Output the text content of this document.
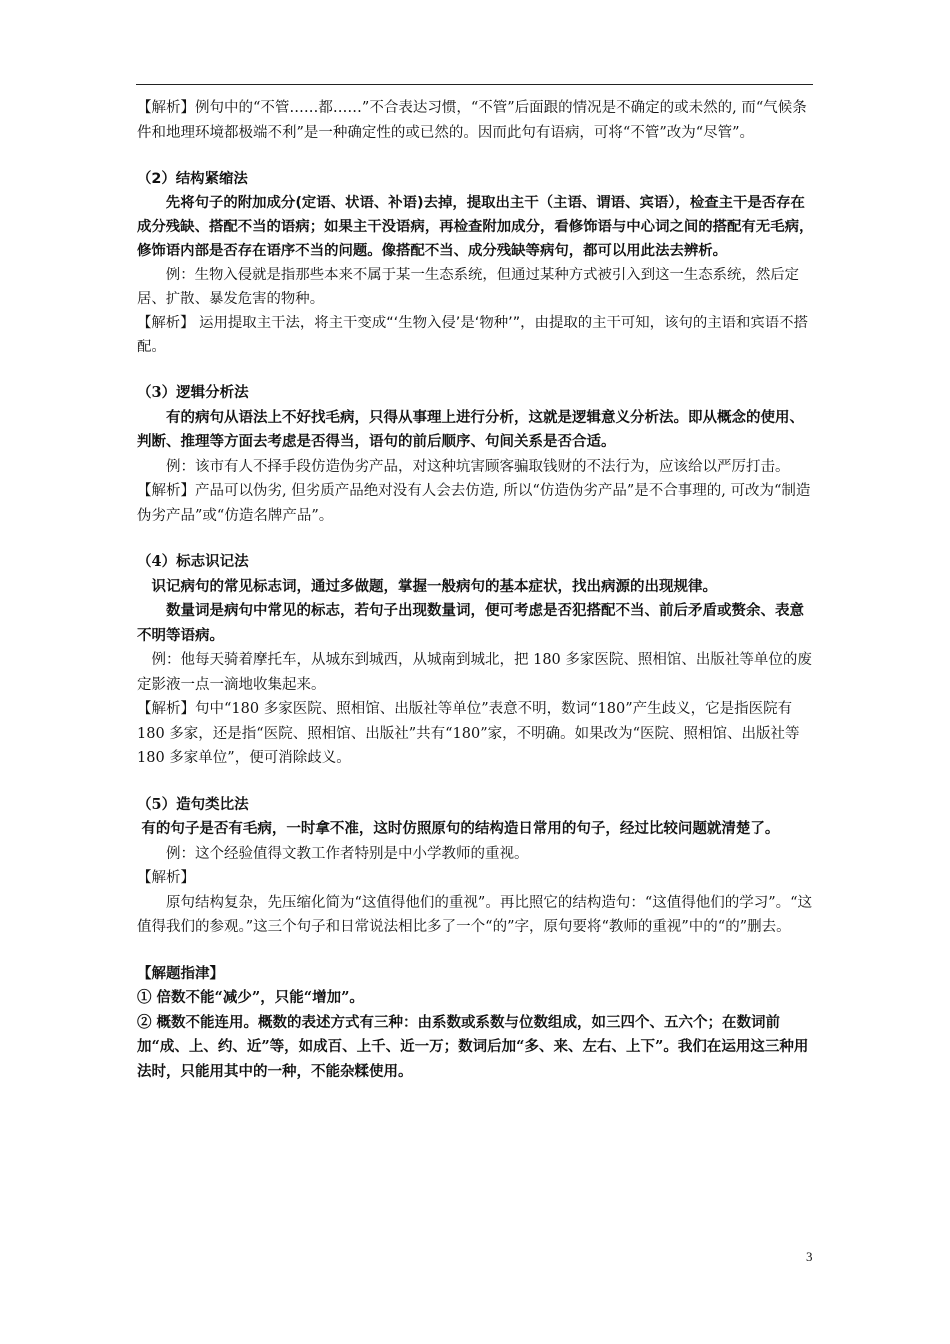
【解析】例句中的“不管……都……”不合表达习惯，“不管”后面跟的情况是不确定的或未然的, 而“气候条件和地理环境都极端不利”是一种确定性的或已然的。因而此句有语病，可将“不管”改为“尽管”。

（2）结构紧缩法

先将句子的附加成分(定语、状语、补语)去掉，提取出主干（主语、谓语、宾语），检查主干是否存在成分残缺、搭配不当的语病；如果主干没语病，再检查附加成分，看修饰语与中心词之间的搭配有无毛病，修饰语内部是否存在语序不当的问题。像搭配不当、成分残缺等病句，都可以用此法去辨析。

例：生物入侵就是指那些本来不属于某一生态系统，但通过某种方式被引入到这一生态系统，然后定居、扩散、暴发危害的物种。

【解析】 运用提取主干法，将主干变成“‘生物入侵’是‘物种’”，由提取的主干可知，该句的主语和宾语不搭配。

（3）逻辑分析法

有的病句从语法上不好找毛病，只得从事理上进行分析，这就是逻辑意义分析法。即从概念的使用、判断、推理等方面去考虑是否得当，语句的前后顺序、句间关系是否合适。

例：该市有人不择手段仿造伪劣产品，对这种坑害顾客骗取钱财的不法行为，应该给以严厉打击。

【解析】产品可以伪劣, 但劣质产品绝对没有人会去仿造, 所以“仿造伪劣产品”是不合事理的, 可改为“制造伪劣产品”或“仿造名牌产品”。

（4）标志识记法

识记病句的常见标志词，通过多做题，掌握一般病句的基本症状，找出病源的出现规律。

数量词是病句中常见的标志，若句子出现数量词，便可考虑是否犯搭配不当、前后矛盾或赘余、表意不明等语病。

例：他每天骑着摩托车，从城东到城西，从城南到城北，把 180 多家医院、照相馆、出版社等单位的废定影液一点一滴地收集起来。

【解析】句中“180 多家医院、照相馆、出版社等单位”表意不明，数词“180”产生歧义，它是指医院有 180 多家，还是指“医院、照相馆、出版社”共有“180”家，不明确。如果改为“医院、照相馆、出版社等 180 多家单位”，便可消除歧义。

（5）造句类比法

有的句子是否有毛病，一时拿不准，这时仿照原句的结构造日常用的句子，经过比较问题就清楚了。

例：这个经验值得文教工作者特别是中小学教师的重视。

【解析】

原句结构复杂，先压缩化简为“这值得他们的重视”。再比照它的结构造句：“这值得他们的学习”。“这值得我们的参观。”这三个句子和日常说法相比多了一个“的”字，原句要将“教师的重视”中的“的”删去。

【解题指津】

① 倍数不能“减少”，只能“增加”。

② 概数不能连用。概数的表述方式有三种：由系数或系数与位数组成，如三四个、五六个；在数词前加“成、上、约、近”等，如成百、上千、近一万；数词后加“多、来、左右、上下”。我们在运用这三种用法时，只能用其中的一种，不能杂糅使用。

3
